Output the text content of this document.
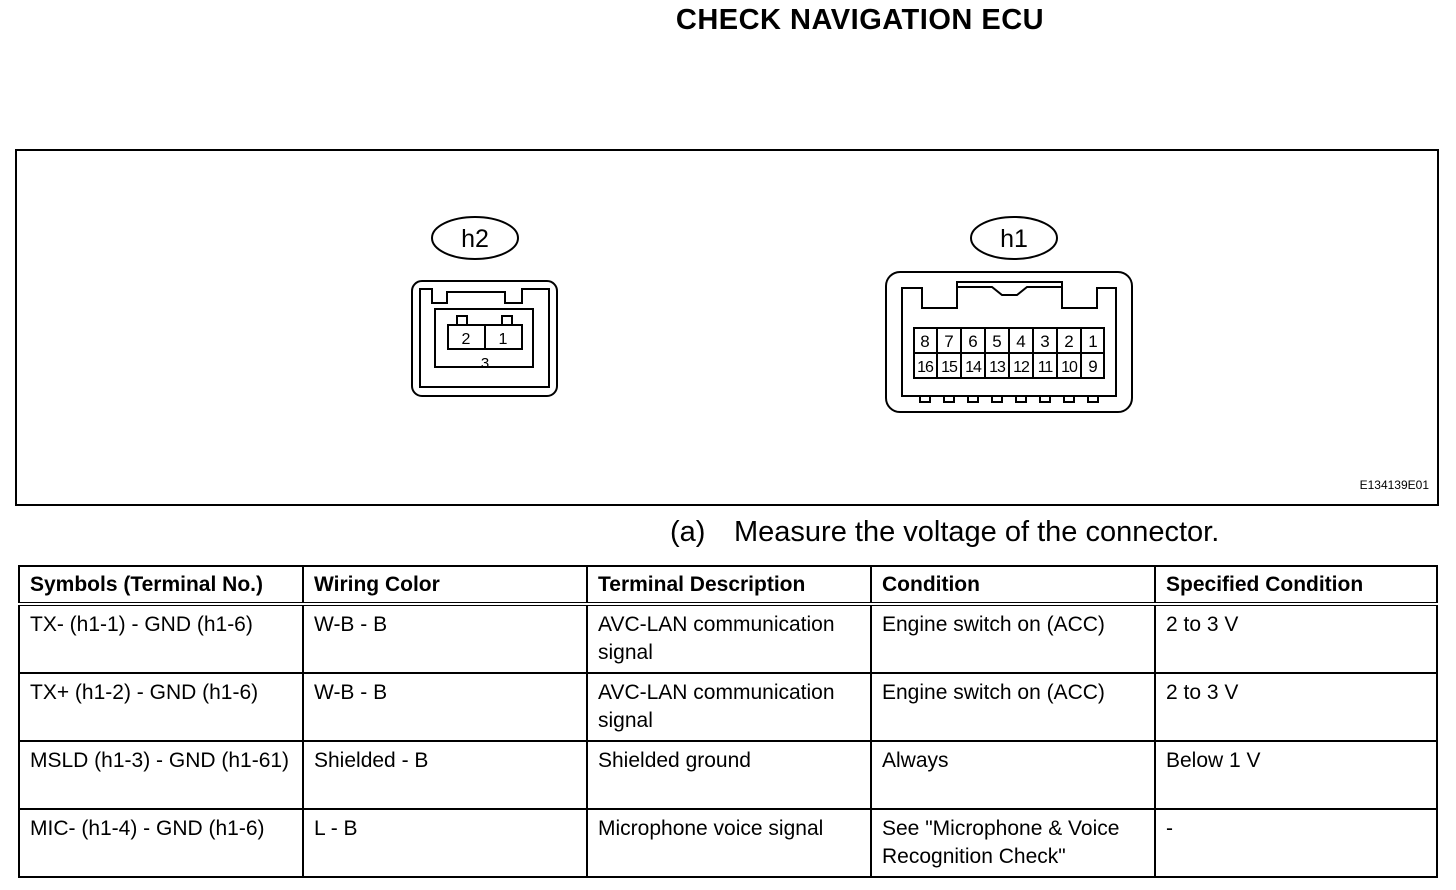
CHECK NAVIGATION ECU
h2	h1
2 1
3
8 7 6 5 4 3 2 1
16 15 14 13 12 11 10 9
E134139E01
(a) Measure the voltage of the connector.
Symbols (Terminal No.)	Wiring Color	Terminal Description	Condition	Specified Condition
TX- (h1-1) - GND (h1-6)	W-B - B	AVC-LAN communication signal	Engine switch on (ACC)	2 to 3 V
TX+ (h1-2) - GND (h1-6)	W-B - B	AVC-LAN communication signal	Engine switch on (ACC)	2 to 3 V
MSLD (h1-3) - GND (h1-61)	Shielded - B	Shielded ground	Always	Below 1 V
MIC- (h1-4) - GND (h1-6)	L - B	Microphone voice signal	See "Microphone & Voice Recognition Check"	-
